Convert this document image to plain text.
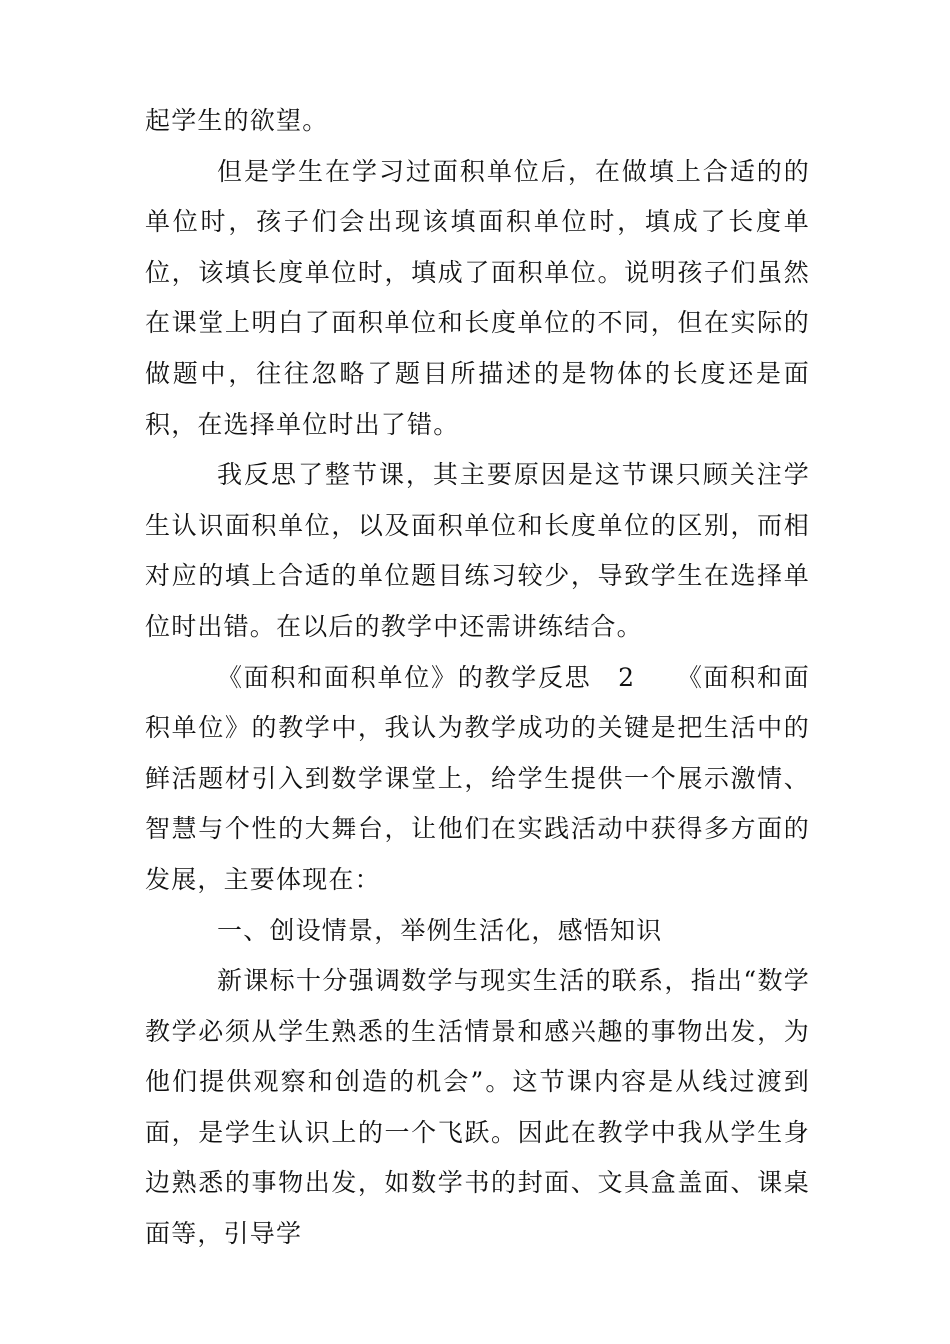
起学生的欲望。

但是学生在学习过面积单位后，在做填上合适的的单位时，孩子们会出现该填面积单位时，填成了长度单位，该填长度单位时，填成了面积单位。说明孩子们虽然在课堂上明白了面积单位和长度单位的不同，但在实际的做题中，往往忽略了题目所描述的是物体的长度还是面积，在选择单位时出了错。

我反思了整节课，其主要原因是这节课只顾关注学生认识面积单位，以及面积单位和长度单位的区别，而相对应的填上合适的单位题目练习较少，导致学生在选择单位时出错。在以后的教学中还需讲练结合。

《面积和面积单位》的教学反思　2　　《面积和面积单位》的教学中，我认为教学成功的关键是把生活中的鲜活题材引入到数学课堂上，给学生提供一个展示激情、智慧与个性的大舞台，让他们在实践活动中获得多方面的发展，主要体现在：

一、创设情景，举例生活化，感悟知识

新课标十分强调数学与现实生活的联系，指出“数学教学必须从学生熟悉的生活情景和感兴趣的事物出发，为他们提供观察和创造的机会”。这节课内容是从线过渡到面，是学生认识上的一个飞跃。因此在教学中我从学生身边熟悉的事物出发，如数学书的封面、文具盒盖面、课桌面等，引导学
